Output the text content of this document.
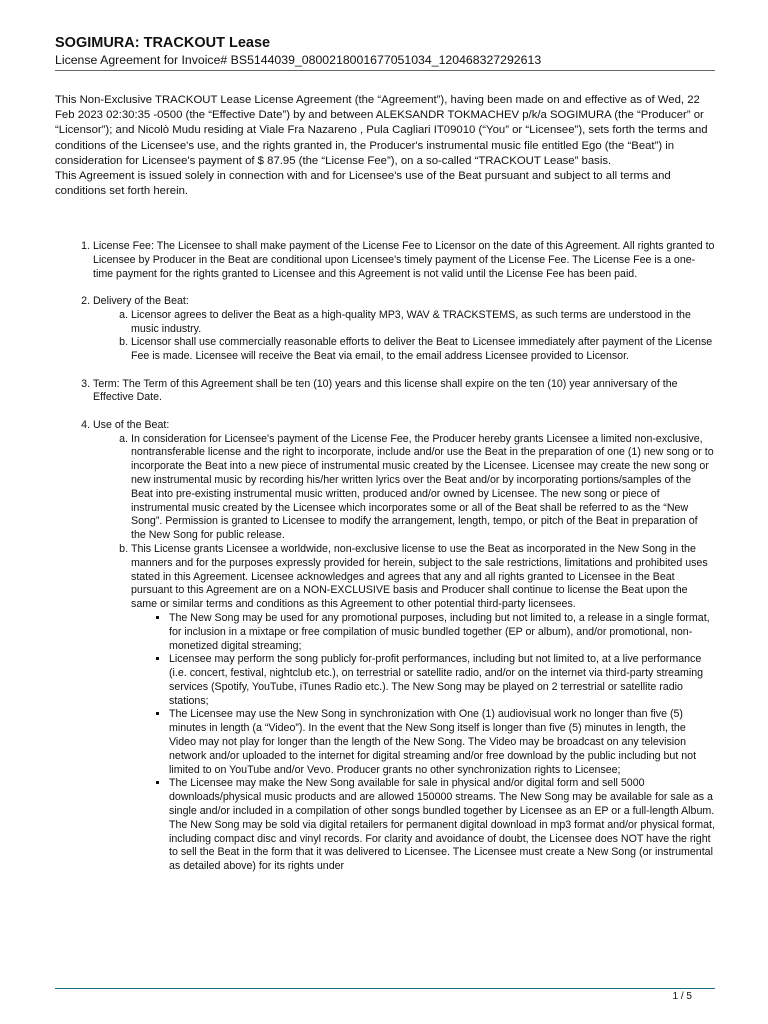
SOGIMURA: TRACKOUT Lease

License Agreement for Invoice# BS5144039_0800218001677051034_120468327292613

This Non-Exclusive TRACKOUT Lease License Agreement (the “Agreement”), having been made on and effective as of Wed, 22 Feb 2023 02:30:35 -0500 (the “Effective Date”) by and between ALEKSANDR TOKMACHEV p/k/a SOGIMURA (the “Producer” or “Licensor”); and Nicolò Mudu residing at Viale Fra Nazareno , Pula Cagliari IT09010 (“You” or “Licensee”), sets forth the terms and conditions of the Licensee's use, and the rights granted in, the Producer's instrumental music file entitled Ego (the “Beat”) in consideration for Licensee's payment of $ 87.95 (the “License Fee”), on a so-called “TRACKOUT Lease” basis.

This Agreement is issued solely in connection with and for Licensee's use of the Beat pursuant and subject to all terms and conditions set forth herein.

1. License Fee: The Licensee to shall make payment of the License Fee to Licensor on the date of this Agreement. All rights granted to Licensee by Producer in the Beat are conditional upon Licensee's timely payment of the License Fee. The License Fee is a one-time payment for the rights granted to Licensee and this Agreement is not valid until the License Fee has been paid.
2. Delivery of the Beat:
a. Licensor agrees to deliver the Beat as a high-quality MP3, WAV & TRACKSTEMS, as such terms are understood in the music industry.
b. Licensor shall use commercially reasonable efforts to deliver the Beat to Licensee immediately after payment of the License Fee is made. Licensee will receive the Beat via email, to the email address Licensee provided to Licensor.
3. Term: The Term of this Agreement shall be ten (10) years and this license shall expire on the ten (10) year anniversary of the Effective Date.
4. Use of the Beat:
a. In consideration for Licensee's payment of the License Fee, the Producer hereby grants Licensee a limited non-exclusive, nontransferable license and the right to incorporate, include and/or use the Beat in the preparation of one (1) new song or to incorporate the Beat into a new piece of instrumental music created by the Licensee. Licensee may create the new song or new instrumental music by recording his/her written lyrics over the Beat and/or by incorporating portions/samples of the Beat into pre-existing instrumental music written, produced and/or owned by Licensee. The new song or piece of instrumental music created by the Licensee which incorporates some or all of the Beat shall be referred to as the “New Song”. Permission is granted to Licensee to modify the arrangement, length, tempo, or pitch of the Beat in preparation of the New Song for public release.
b. This License grants Licensee a worldwide, non-exclusive license to use the Beat as incorporated in the New Song in the manners and for the purposes expressly provided for herein, subject to the sale restrictions, limitations and prohibited uses stated in this Agreement. Licensee acknowledges and agrees that any and all rights granted to Licensee in the Beat pursuant to this Agreement are on a NON-EXCLUSIVE basis and Producer shall continue to license the Beat upon the same or similar terms and conditions as this Agreement to other potential third-party licensees.
▪ The New Song may be used for any promotional purposes, including but not limited to, a release in a single format, for inclusion in a mixtape or free compilation of music bundled together (EP or album), and/or promotional, non-monetized digital streaming;
▪ Licensee may perform the song publicly for-profit performances, including but not limited to, at a live performance (i.e. concert, festival, nightclub etc.), on terrestrial or satellite radio, and/or on the internet via third-party streaming services (Spotify, YouTube, iTunes Radio etc.). The New Song may be played on 2 terrestrial or satellite radio stations;
▪ The Licensee may use the New Song in synchronization with One (1) audiovisual work no longer than five (5) minutes in length (a “Video”). In the event that the New Song itself is longer than five (5) minutes in length, the Video may not play for longer than the length of the New Song. The Video may be broadcast on any television network and/or uploaded to the internet for digital streaming and/or free download by the public including but not limited to on YouTube and/or Vevo. Producer grants no other synchronization rights to Licensee;
▪ The Licensee may make the New Song available for sale in physical and/or digital form and sell 5000 downloads/physical music products and are allowed 150000 streams. The New Song may be available for sale as a single and/or included in a compilation of other songs bundled together by Licensee as an EP or a full-length Album. The New Song may be sold via digital retailers for permanent digital download in mp3 format and/or physical format, including compact disc and vinyl records. For clarity and avoidance of doubt, the Licensee does NOT have the right to sell the Beat in the form that it was delivered to Licensee. The Licensee must create a New Song (or instrumental as detailed above) for its rights under
1 / 5
